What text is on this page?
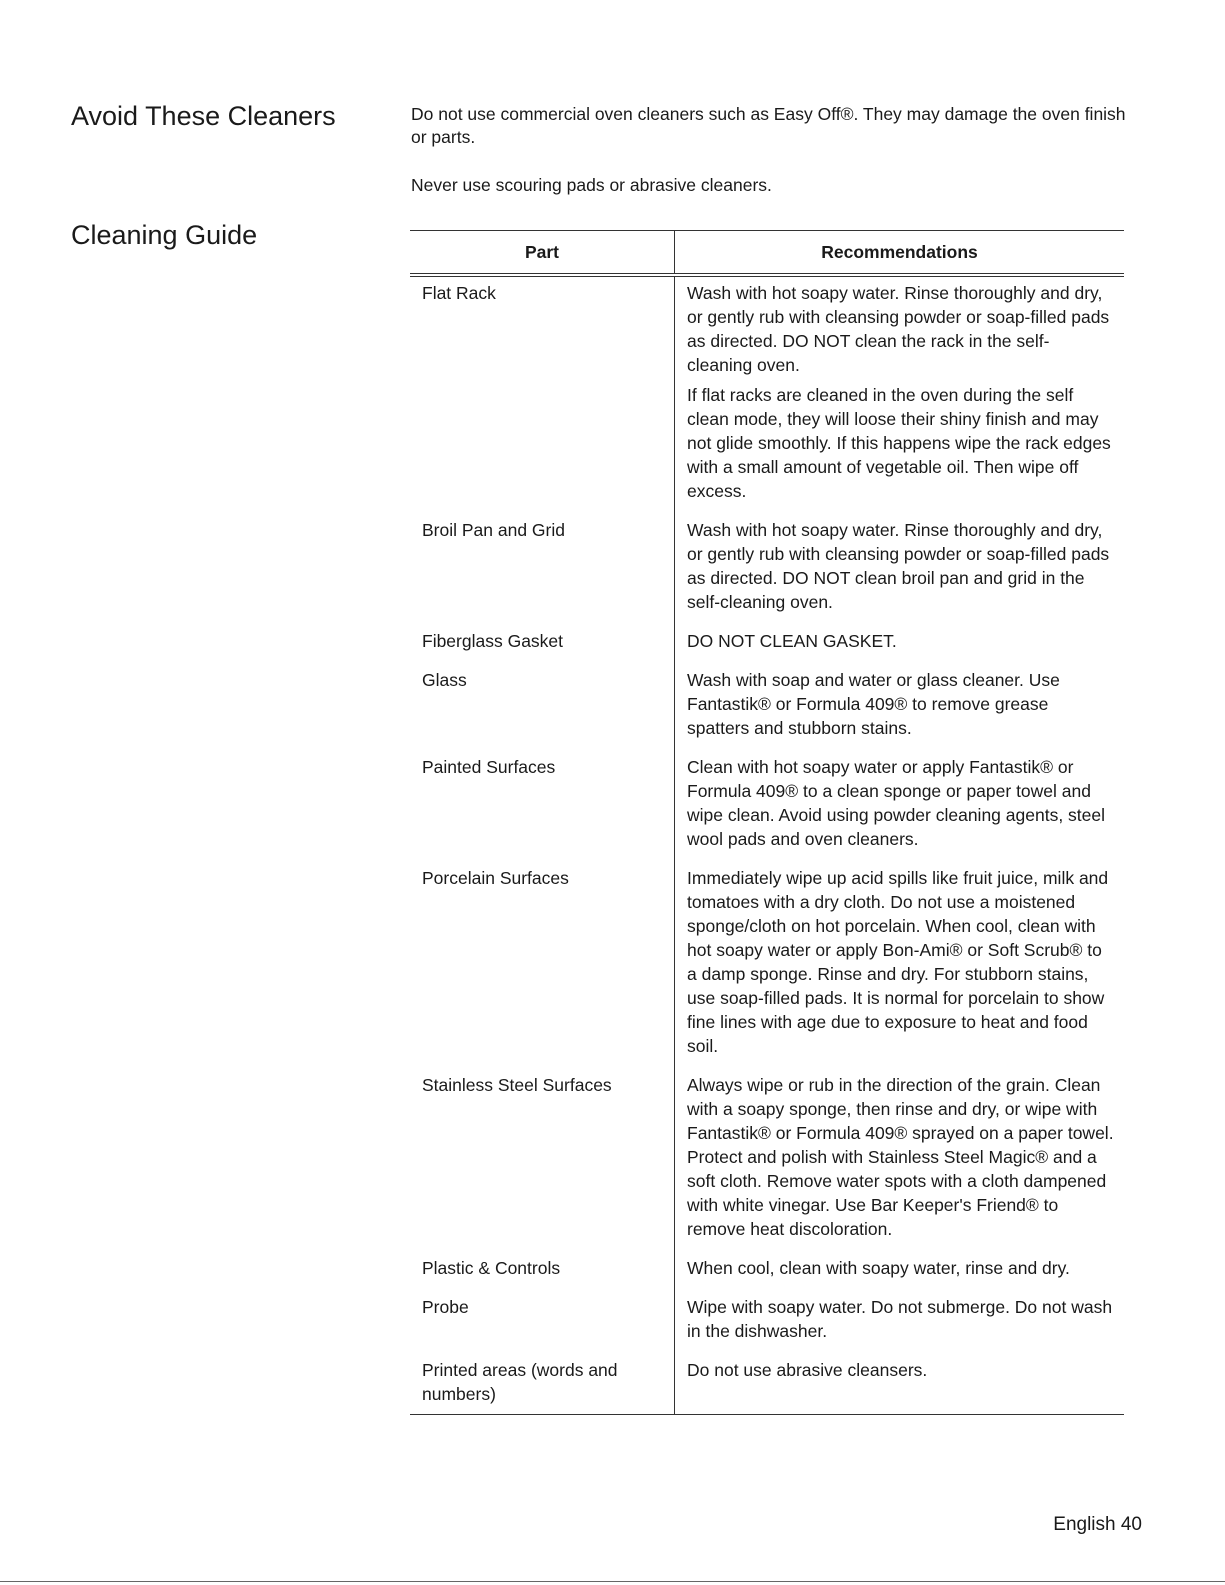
Avoid These Cleaners
Cleaning Guide

Do not use commercial oven cleaners such as Easy Off®. They may damage the oven finish or parts.

Never use scouring pads or abrasive cleaners.

Part	Recommendations
Flat Rack	Wash with hot soapy water. Rinse thoroughly and dry, or gently rub with cleansing powder or soap-filled pads as directed. DO NOT clean the rack in the self-cleaning oven.
If flat racks are cleaned in the oven during the self clean mode, they will loose their shiny finish and may not glide smoothly. If this happens wipe the rack edges with a small amount of vegetable oil. Then wipe off excess.

Broil Pan and Grid	Wash with hot soapy water. Rinse thoroughly and dry, or gently rub with cleansing powder or soap-filled pads as directed. DO NOT clean broil pan and grid in the self-cleaning oven.
Fiberglass Gasket	DO NOT CLEAN GASKET.
Glass	Wash with soap and water or glass cleaner. Use Fantastik® or Formula 409® to remove grease spatters and stubborn stains.
Painted Surfaces	Clean with hot soapy water or apply Fantastik® or Formula 409® to a clean sponge or paper towel and wipe clean. Avoid using powder cleaning agents, steel wool pads and oven cleaners.
Porcelain Surfaces	Immediately wipe up acid spills like fruit juice, milk and tomatoes with a dry cloth. Do not use a moistened sponge/cloth on hot porcelain. When cool, clean with hot soapy water or apply Bon-Ami® or Soft Scrub® to a damp sponge. Rinse and dry. For stubborn stains, use soap-filled pads. It is normal for porcelain to show fine lines with age due to exposure to heat and food soil.
Stainless Steel Surfaces	Always wipe or rub in the direction of the grain. Clean with a soapy sponge, then rinse and dry, or wipe with Fantastik® or Formula 409® sprayed on a paper towel. Protect and polish with Stainless Steel Magic® and a soft cloth. Remove water spots with a cloth dampened with white vinegar. Use Bar Keeper's Friend® to remove heat discoloration.
Plastic & Controls	When cool, clean with soapy water, rinse and dry.
Probe	Wipe with soapy water. Do not submerge. Do not wash in the dishwasher.
Printed areas (words and numbers)	Do not use abrasive cleansers.
English 40
